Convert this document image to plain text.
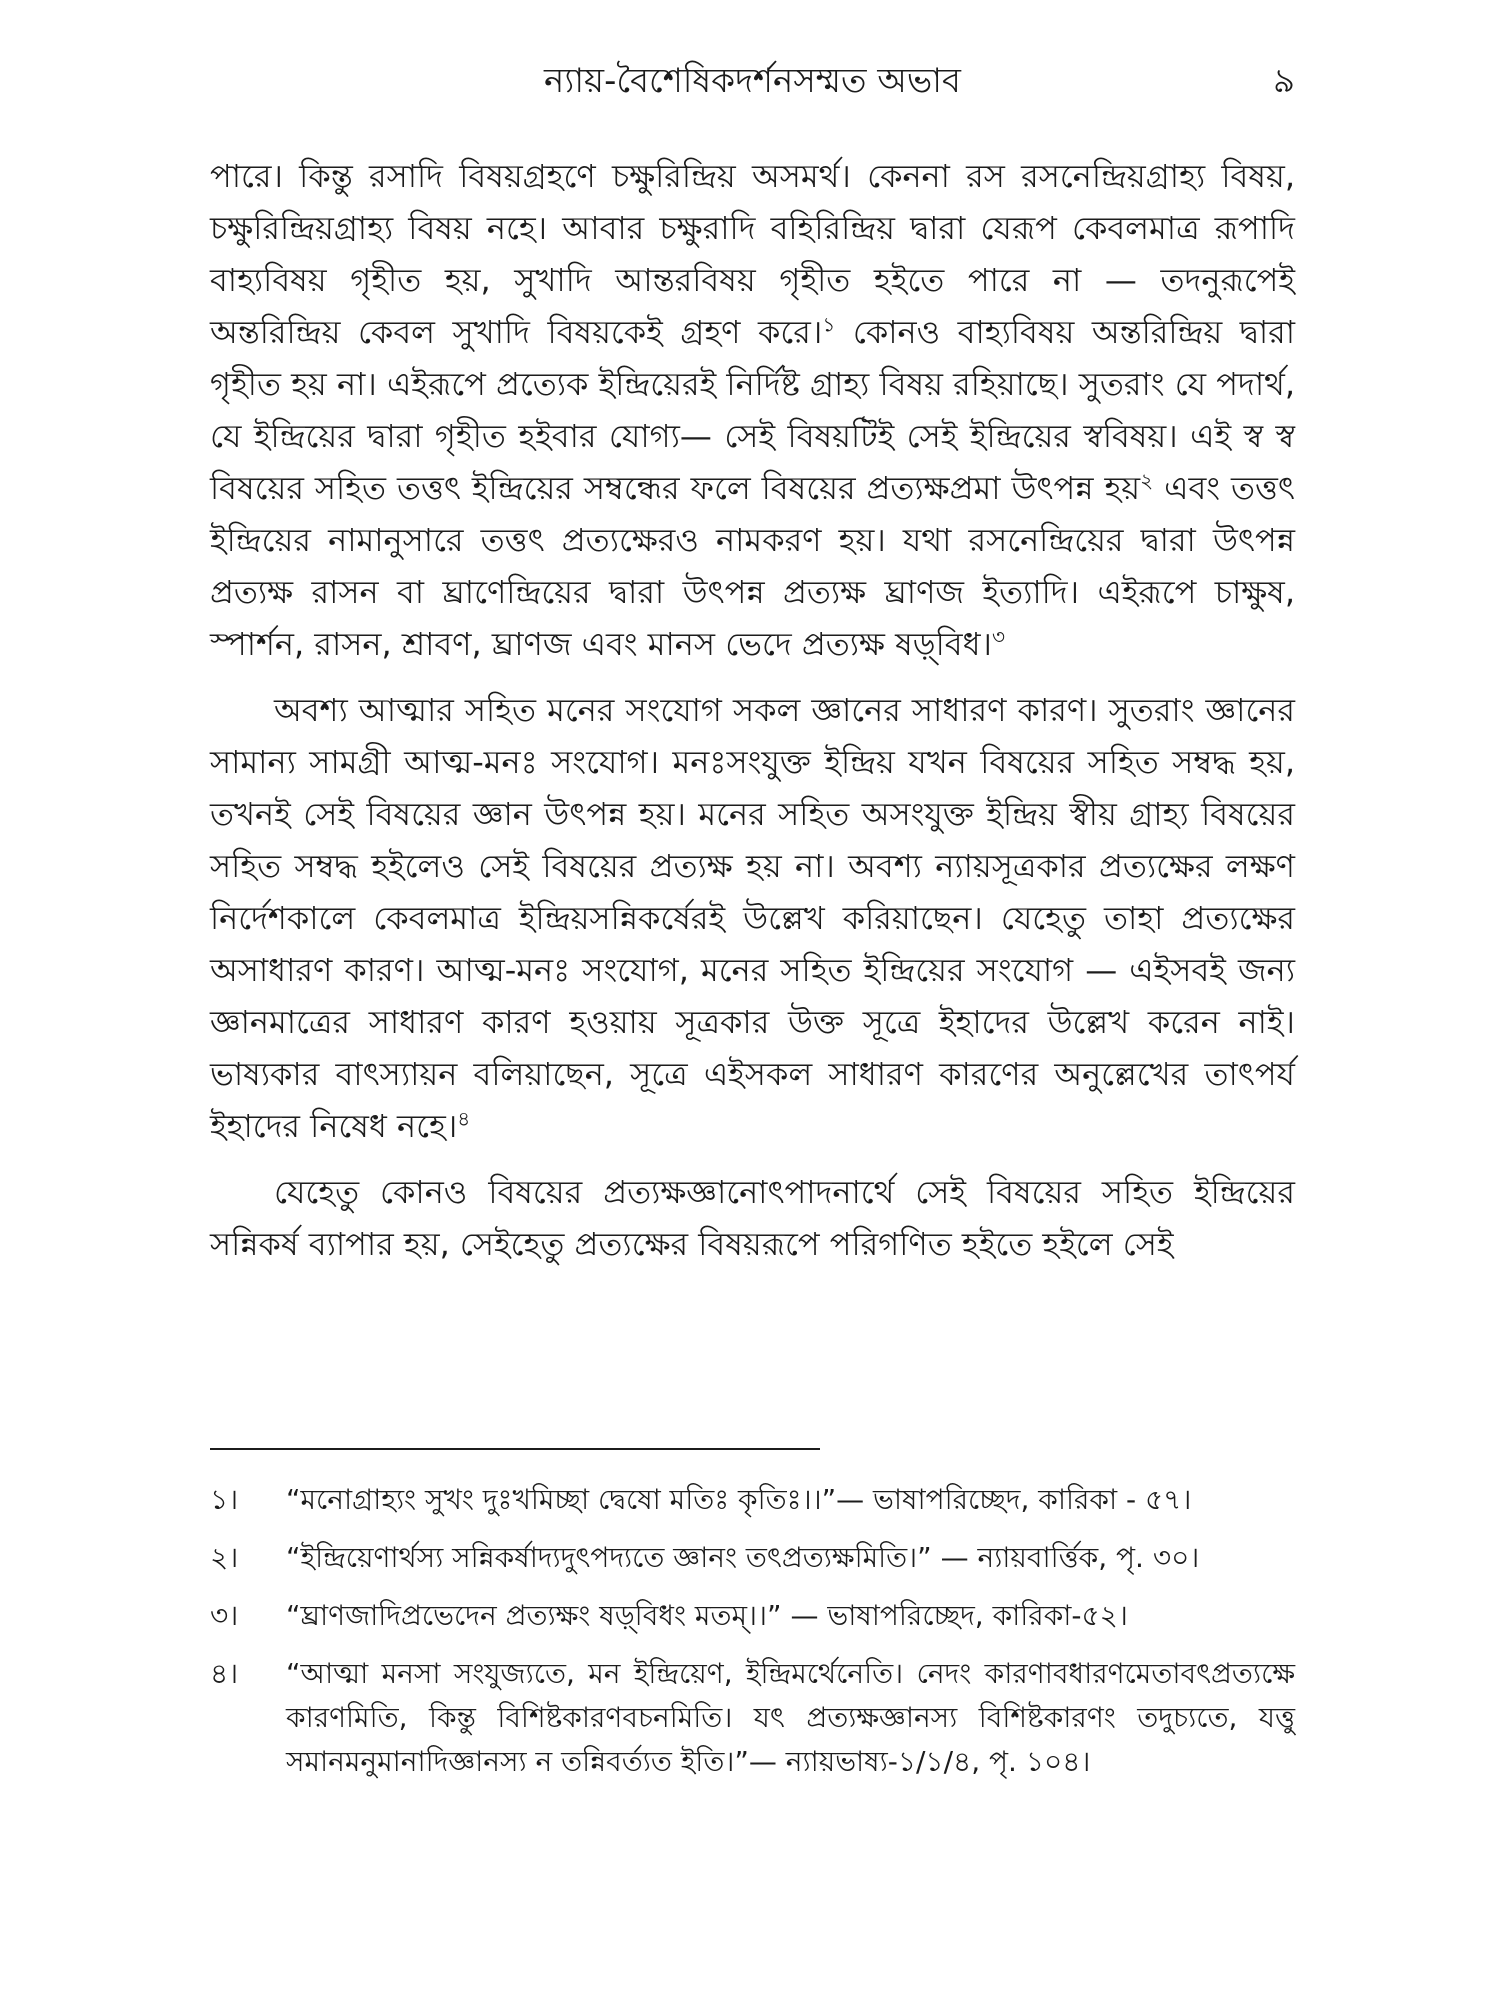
ন্যায়-বৈশেষিকদর্শনসম্মত অভাব	৯

পারে। কিন্তু রসাদি বিষয়গ্রহণে চক্ষুরিন্দ্রিয় অসমর্থ। কেননা রস রসনেন্দ্রিয়গ্রাহ্য বিষয়, চক্ষুরিন্দ্রিয়গ্রাহ্য বিষয় নহে। আবার চক্ষুরাদি বহিরিন্দ্রিয় দ্বারা যেরূপ কেবলমাত্র রূপাদি বাহ্যবিষয় গৃহীত হয়, সুখাদি আন্তরবিষয় গৃহীত হইতে পারে না — তদনুরূপেই অন্তরিন্দ্রিয় কেবল সুখাদি বিষয়কেই গ্রহণ করে।$^১$ কোনও বাহ্যবিষয় অন্তরিন্দ্রিয় দ্বারা গৃহীত হয় না। এইরূপে প্রত্যেক ইন্দ্রিয়েরই নির্দিষ্ট গ্রাহ্য বিষয় রহিয়াছে। সুতরাং যে পদার্থ, যে ইন্দ্রিয়ের দ্বারা গৃহীত হইবার যোগ্য— সেই বিষয়টিই সেই ইন্দ্রিয়ের স্ববিষয়। এই স্ব স্ব বিষয়ের সহিত তত্তৎ ইন্দ্রিয়ের সম্বন্ধের ফলে বিষয়ের প্রত্যক্ষপ্রমা উৎপন্ন হয়$^২$ এবং তত্তৎ ইন্দ্রিয়ের নামানুসারে তত্তৎ প্রত্যক্ষেরও নামকরণ হয়। যথা রসনেন্দ্রিয়ের দ্বারা উৎপন্ন প্রত্যক্ষ রাসন বা ঘ্রাণেন্দ্রিয়ের দ্বারা উৎপন্ন প্রত্যক্ষ ঘ্রাণজ ইত্যাদি। এইরূপে চাক্ষুষ, স্পার্শন, রাসন, শ্রাবণ, ঘ্রাণজ এবং মানস ভেদে প্রত্যক্ষ ষড়্‌বিধ।$^৩$

অবশ্য আত্মার সহিত মনের সংযোগ সকল জ্ঞানের সাধারণ কারণ। সুতরাং জ্ঞানের সামান্য সামগ্রী আত্ম-মনঃ সংযোগ। মনঃসংযুক্ত ইন্দ্রিয় যখন বিষয়ের সহিত সম্বদ্ধ হয়, তখনই সেই বিষয়ের জ্ঞান উৎপন্ন হয়। মনের সহিত অসংযুক্ত ইন্দ্রিয় স্বীয় গ্রাহ্য বিষয়ের সহিত সম্বদ্ধ হইলেও সেই বিষয়ের প্রত্যক্ষ হয় না। অবশ্য ন্যায়সূত্রকার প্রত্যক্ষের লক্ষণ নির্দেশকালে কেবলমাত্র ইন্দ্রিয়সন্নিকর্ষেরই উল্লেখ করিয়াছেন। যেহেতু তাহা প্রত্যক্ষের অসাধারণ কারণ। আত্ম-মনঃ সংযোগ, মনের সহিত ইন্দ্রিয়ের সংযোগ — এইসবই জন্য জ্ঞানমাত্রের সাধারণ কারণ হওয়ায় সূত্রকার উক্ত সূত্রে ইহাদের উল্লেখ করেন নাই। ভাষ্যকার বাৎস্যায়ন বলিয়াছেন, সূত্রে এইসকল সাধারণ কারণের অনুল্লেখের তাৎপর্য ইহাদের নিষেধ নহে।$^৪$

যেহেতু কোনও বিষয়ের প্রত্যক্ষজ্ঞানোৎপাদনার্থে সেই বিষয়ের সহিত ইন্দ্রিয়ের সন্নিকর্ষ ব্যাপার হয়, সেইহেতু প্রত্যক্ষের বিষয়রূপে পরিগণিত হইতে হইলে সেই

১।	“মনোগ্রাহ্যং সুখং দুঃখমিচ্ছা দ্বেষো মতিঃ কৃতিঃ।।”— ভাষাপরিচ্ছেদ, কারিকা - ৫৭।
২।	“ইন্দ্রিয়েণার্থস্য সন্নিকর্ষাদ্যদুৎপদ্যতে জ্ঞানং তৎপ্রত্যক্ষমিতি।” — ন্যায়বার্ত্তিক, পৃ. ৩০।
৩।	“ঘ্রাণজাদিপ্রভেদেন প্রত্যক্ষং ষড়্‌বিধং মতম্।।” — ভাষাপরিচ্ছেদ, কারিকা-৫২।
৪।	“আত্মা মনসা সংযুজ্যতে, মন ইন্দ্রিয়েণ, ইন্দ্রিমর্থেনেতি। নেদং কারণাবধারণমেতাবৎপ্রত্যক্ষে কারণমিতি, কিন্তু বিশিষ্টকারণবচনমিতি। যৎ প্রত্যক্ষজ্ঞানস্য বিশিষ্টকারণং তদুচ্যতে, যত্তু সমানমনুমানাদিজ্ঞানস্য ন তন্নিবর্ত্যত ইতি।”— ন্যায়ভাষ্য-১/১/৪, পৃ. ১০৪।
